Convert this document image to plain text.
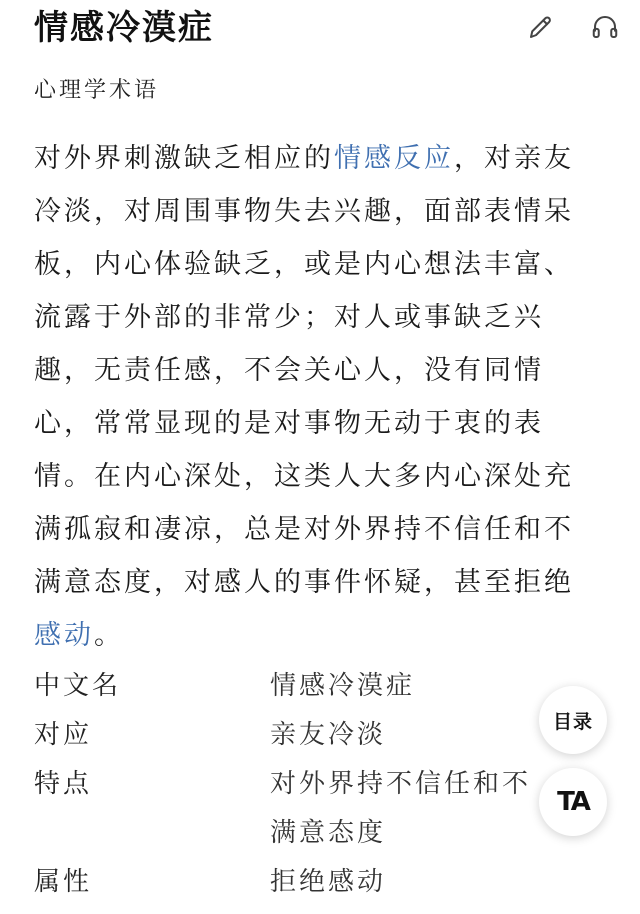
情感冷漠症
心理学术语
对外界刺激缺乏相应的情感反应，对亲友冷淡，对周围事物失去兴趣，面部表情呆板，内心体验缺乏，或是内心想法丰富、流露于外部的非常少；对人或事缺乏兴趣，无责任感，不会关心人，没有同情心，常常显现的是对事物无动于衷的表情。在内心深处，这类人大多内心深处充满孤寂和凄凉，总是对外界持不信任和不满意态度，对感人的事件怀疑，甚至拒绝感动。
中文名	情感冷漠症
对应	亲友冷淡
特点	对外界持不信任和不满意态度
属性	拒绝感动
目录
TA
